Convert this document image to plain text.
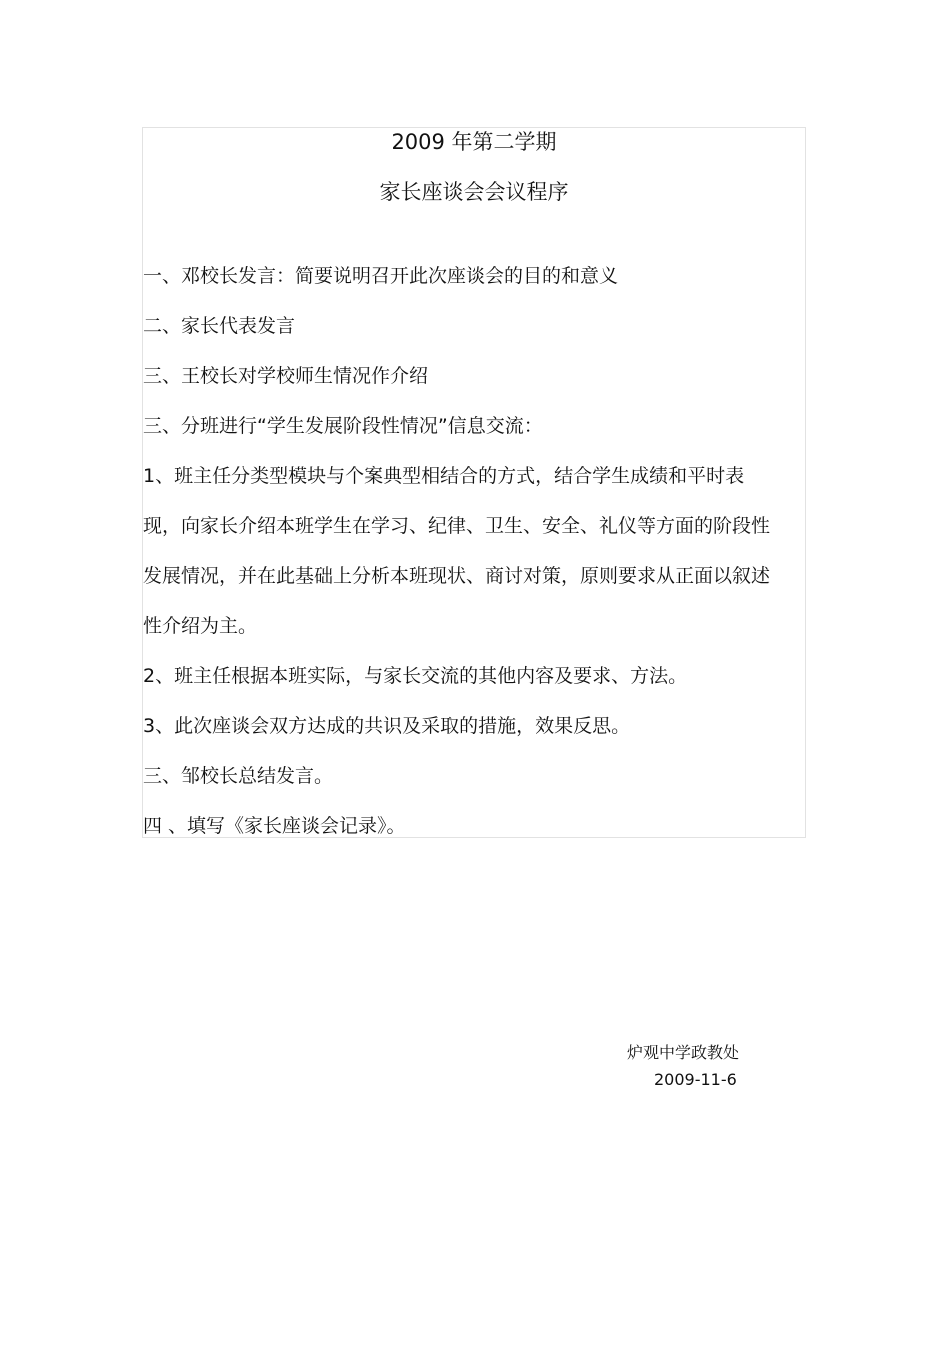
2009 年第二学期
家长座谈会会议程序
一、邓校长发言：简要说明召开此次座谈会的目的和意义
二、家长代表发言
三、王校长对学校师生情况作介绍
三、分班进行“学生发展阶段性情况”信息交流：
1、班主任分类型模块与个案典型相结合的方式，结合学生成绩和平时表现，向家长介绍本班学生在学习、纪律、卫生、安全、礼仪等方面的阶段性发展情况，并在此基础上分析本班现状、商讨对策，原则要求从正面以叙述性介绍为主。
2、班主任根据本班实际，与家长交流的其他内容及要求、方法。
3、此次座谈会双方达成的共识及采取的措施，效果反思。
三、邹校长总结发言。
四 、填写《家长座谈会记录》。
炉观中学政教处
2009-11-6
